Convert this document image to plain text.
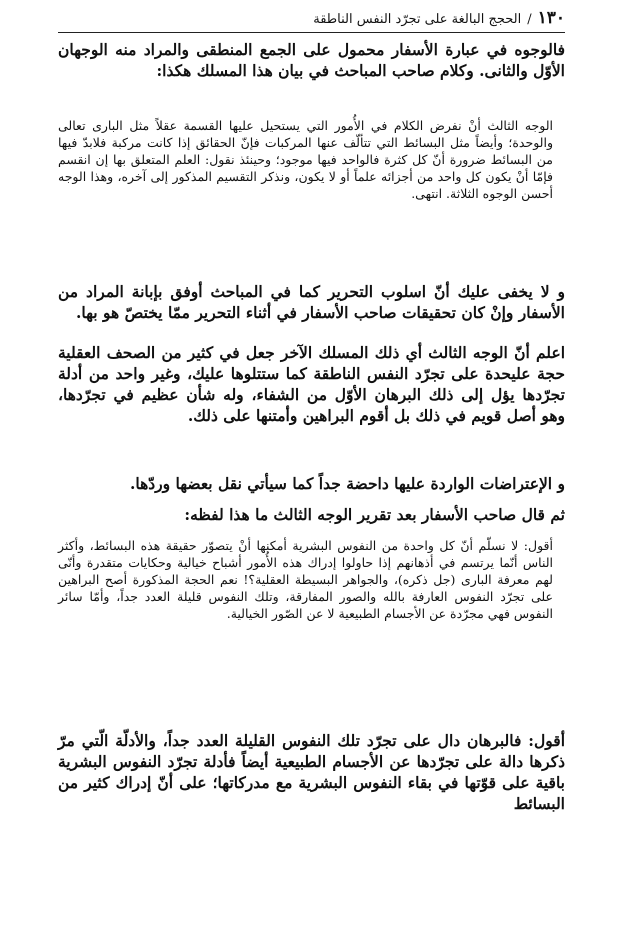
١٣٠
/
الحجج البالغة على تجرّد النفس الناطقة
فالوجوه في عبارة الأسفار محمول على الجمع المنطقى والمراد منه الوجهان الأوّل والثانى. وكلام صاحب المباحث في بيان هذا المسلك هكذا:
الوجه الثالث أنْ نفرض الكلام في الأُمور التي يستحيل عليها القسمة عقلاً مثل البارى تعالى والوحدة؛ وأيضاً مثل البسائط التي تتألّف عنها المركبات فإنّ الحقائق إذا كانت مركبة فلابدّ فيها من البسائط ضرورة أنّ كل كثرة فالواحد فيها موجود؛ وحينئذ نقول: العلم المتعلق بها إن انقسم فإمّا أنْ يكون كل واحد من أجزائه علماً أو لا يكون، ونذكر التقسيم المذكور إلى آخره، وهذا الوجه أحسن الوجوه الثلاثة. انتهى.
و لا يخفى عليك أنّ اسلوب التحرير كما في المباحث أوفق بإبانة المراد من الأسفار وإنْ كان تحقيقات صاحب الأسفار في أثناء التحرير ممّا يختصّ هو بها.
اعلم أنّ الوجه الثالث أي ذلك المسلك الآخر جعل في كثير من الصحف العقلية حجة عليحدة على تجرّد النفس الناطقة كما ستتلوها عليك، وغير واحد من أدلة تجرّدها يؤل إلى ذلك البرهان الأوّل من الشفاء، وله شأن عظيم في تجرّدها، وهو أصل قويم في ذلك بل أقوم البراهين وأمتنها على ذلك.
و الإعتراضات الواردة عليها داحضة جداً كما سيأتي نقل بعضها وردّها.
ثم قال صاحب الأسفار بعد تقرير الوجه الثالث ما هذا لفظه:
أقول: لا نسلّم أنّ كل واحدة من النفوس البشرية أمكنها أنْ يتصوّر حقيقة هذه البسائط، وأكثر الناس أنّما يرتسم في أذهانهم إذا حاولوا إدراك هذه الأُمور أشباح خيالية وحكايات متقدرة وأنّى لهم معرفة البارى (جل ذكره)، والجواهر البسيطة العقلية؟! نعم الحجة المذكورة أصح البراهين على تجرّد النفوس العارفة بالله والصور المفارقة، وتلك النفوس قليلة العدد جداً، وأمّا سائر النفوس فهي مجرّدة عن الأجسام الطبيعية لا عن الصّور الخيالية.
أقول: فالبرهان دال على تجرّد تلك النفوس القليلة العدد جداً، والأدلّة الّتي مرّ ذكرها دالة على تجرّدها عن الأجسام الطبيعية أيضاً فأدلة تجرّد النفوس البشرية باقية على قوّتها في بقاء النفوس البشرية مع مدركاتها؛ على أنّ إدراك كثير من البسائط
